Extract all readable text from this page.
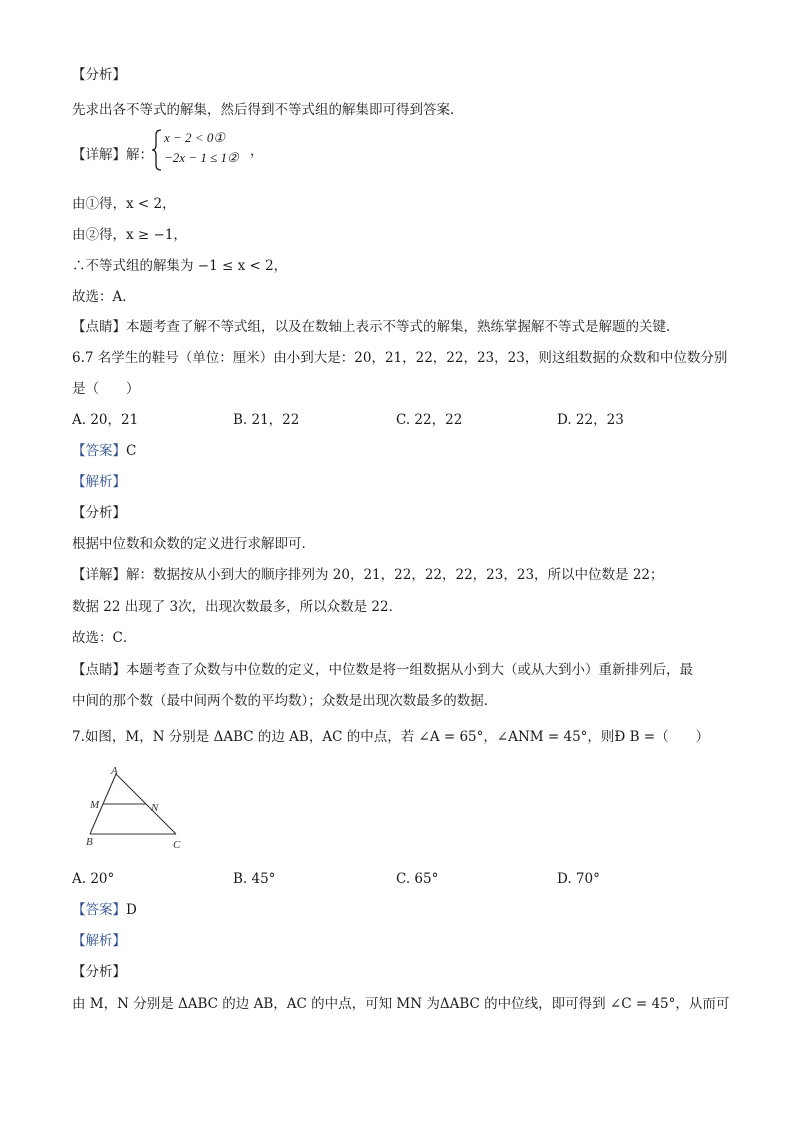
【分析】
先求出各不等式的解集，然后得到不等式组的解集即可得到答案．
【详解】解：
x − 2 < 0①
−2x − 1 ≤ 1② ，
由①得，x < 2，
由②得，x ≥ −1，
∴不等式组的解集为 −1 ≤ x < 2，
故选：A．
【点睛】本题考查了解不等式组，以及在数轴上表示不等式的解集，熟练掌握解不等式是解题的关键．
6.7 名学生的鞋号（单位：厘米）由小到大是：20，21，22，22，23，23，则这组数据的众数和中位数分别
是（　　）
A. 20，21	B. 21，22	C. 22，22	D. 22，23
【答案】C
【解析】
【分析】
根据中位数和众数的定义进行求解即可．
【详解】解：数据按从小到大的顺序排列为 20，21，22，22，22，23，23，所以中位数是 22；
数据 22 出现了 3次，出现次数最多，所以众数是 22．
故选：C．
【点睛】本题考查了众数与中位数的定义，中位数是将一组数据从小到大（或从大到小）重新排列后，最
中间的那个数（最中间两个数的平均数）；众数是出现次数最多的数据．
7.如图，M，N 分别是 ΔABC 的边 AB，AC 的中点，若 ∠A = 65°，∠ANM = 45°，则Ð B =（　　）
A
M	N
B	C
A. 20°	B. 45°	C. 65°	D. 70°
【答案】D
【解析】
【分析】
由 M，N 分别是 ΔABC 的边 AB，AC 的中点，可知 MN 为ΔABC 的中位线，即可得到 ∠C = 45°，从而可
